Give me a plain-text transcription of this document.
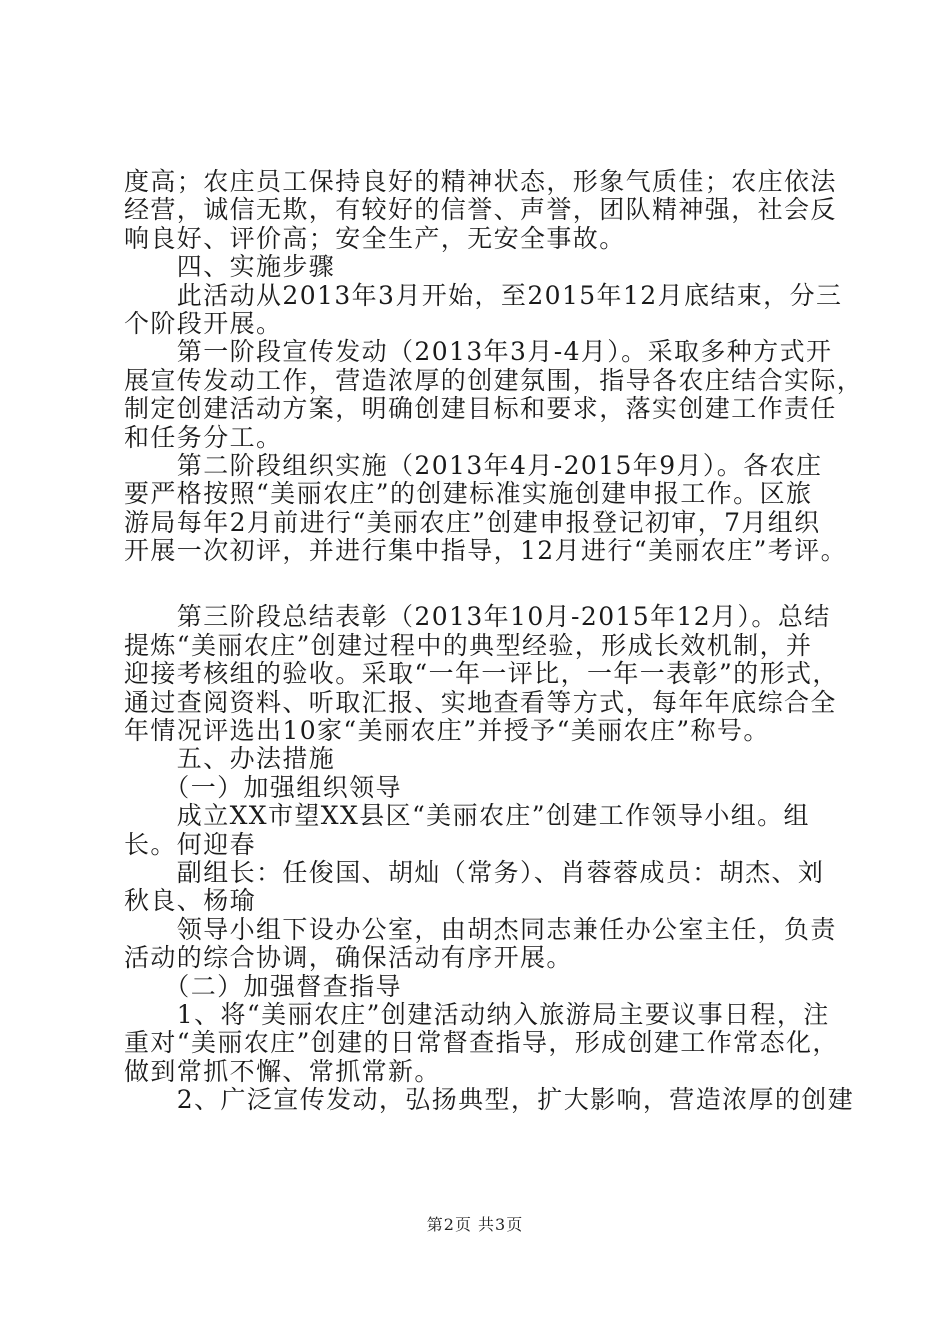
度高；农庄员工保持良好的精神状态，形象气质佳；农庄依法
经营，诚信无欺，有较好的信誉、声誉，团队精神强，社会反
响良好、评价高；安全生产，无安全事故。
　　四、实施步骤
　　此活动从2013年3月开始，至2015年12月底结束，分三
个阶段开展。
　　第一阶段宣传发动（2013年3月-4月）。采取多种方式开
展宣传发动工作，营造浓厚的创建氛围，指导各农庄结合实际，
制定创建活动方案，明确创建目标和要求，落实创建工作责任
和任务分工。
　　第二阶段组织实施（2013年4月-2015年9月）。各农庄
要严格按照“美丽农庄”的创建标准实施创建申报工作。区旅
游局每年2月前进行“美丽农庄”创建申报登记初审，7月组织
开展一次初评，并进行集中指导，12月进行“美丽农庄”考评。
　　第三阶段总结表彰（2013年10月-2015年12月）。总结
提炼“美丽农庄”创建过程中的典型经验，形成长效机制，并
迎接考核组的验收。采取“一年一评比，一年一表彰”的形式，
通过查阅资料、听取汇报、实地查看等方式，每年年底综合全
年情况评选出10家“美丽农庄”并授予“美丽农庄”称号。
　　五、办法措施
　　（一）加强组织领导
　　成立XX市望XX县区“美丽农庄”创建工作领导小组。组
长。何迎春
　　副组长：任俊国、胡灿（常务）、肖蓉蓉成员：胡杰、刘
秋良、杨瑜
　　领导小组下设办公室，由胡杰同志兼任办公室主任，负责
活动的综合协调，确保活动有序开展。
　　（二）加强督查指导
　　1、将“美丽农庄”创建活动纳入旅游局主要议事日程，注
重对“美丽农庄”创建的日常督查指导，形成创建工作常态化，
做到常抓不懈、常抓常新。
　　2、广泛宣传发动，弘扬典型，扩大影响，营造浓厚的创建
第2页 共3页
